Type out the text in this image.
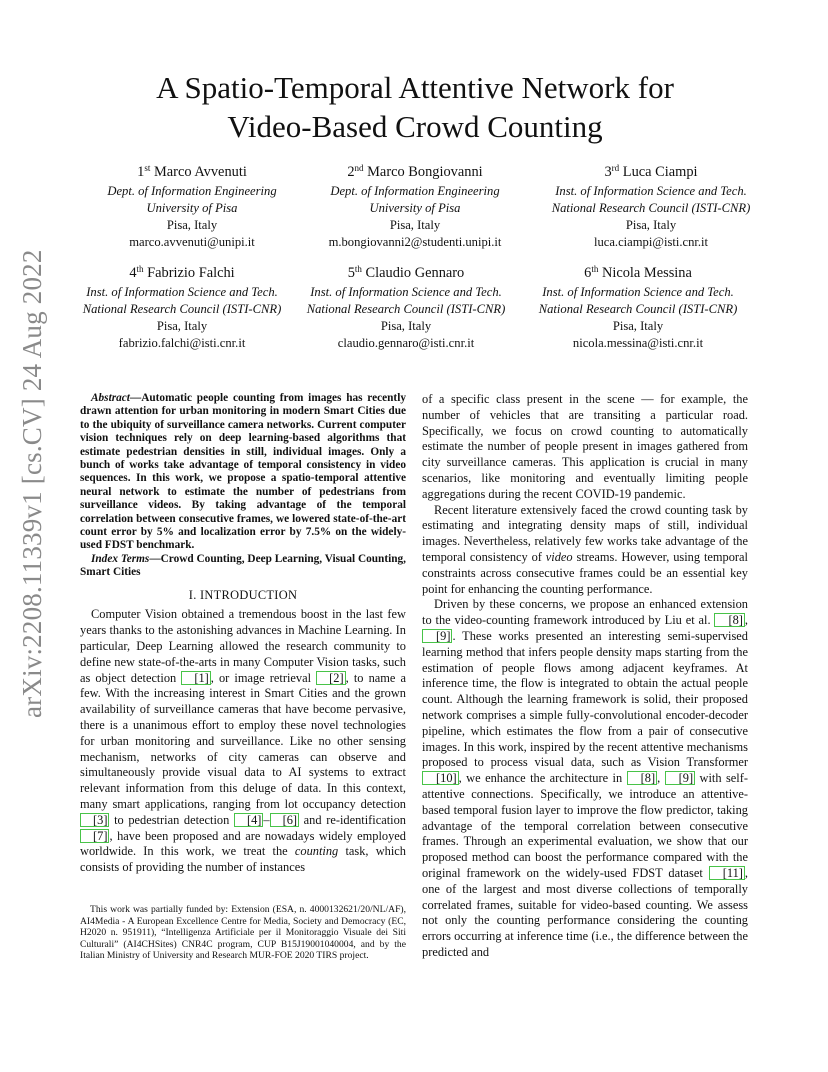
arXiv:2208.11339v1 [cs.CV] 24 Aug 2022
A Spatio-Temporal Attentive Network for
Video-Based Crowd Counting
1st Marco Avvenuti
Dept. of Information Engineering
University of Pisa
Pisa, Italy
marco.avvenuti@unipi.it
2nd Marco Bongiovanni
Dept. of Information Engineering
University of Pisa
Pisa, Italy
m.bongiovanni2@studenti.unipi.it
3rd Luca Ciampi
Inst. of Information Science and Tech.
National Research Council (ISTI-CNR)
Pisa, Italy
luca.ciampi@isti.cnr.it
4th Fabrizio Falchi
Inst. of Information Science and Tech.
National Research Council (ISTI-CNR)
Pisa, Italy
fabrizio.falchi@isti.cnr.it
5th Claudio Gennaro
Inst. of Information Science and Tech.
National Research Council (ISTI-CNR)
Pisa, Italy
claudio.gennaro@isti.cnr.it
6th Nicola Messina
Inst. of Information Science and Tech.
National Research Council (ISTI-CNR)
Pisa, Italy
nicola.messina@isti.cnr.it

Abstract—Automatic people counting from images has recently drawn attention for urban monitoring in modern Smart Cities due to the ubiquity of surveillance camera networks. Current computer vision techniques rely on deep learning-based algorithms that estimate pedestrian densities in still, individual images. Only a bunch of works take advantage of temporal consistency in video sequences. In this work, we propose a spatio-temporal attentive neural network to estimate the number of pedestrians from surveillance videos. By taking advantage of the temporal correlation between consecutive frames, we lowered state-of-the-art count error by 5% and localization error by 7.5% on the widely-used FDST benchmark.

Index Terms—Crowd Counting, Deep Learning, Visual Counting, Smart Cities

I. INTRODUCTION

Computer Vision obtained a tremendous boost in the last few years thanks to the astonishing advances in Machine Learning. In particular, Deep Learning allowed the research community to define new state-of-the-arts in many Computer Vision tasks, such as object detection [1] , or image retrieval [2] , to name a few. With the increasing interest in Smart Cities and the grown availability of surveillance cameras that have become pervasive, there is a unanimous effort to employ these novel technologies for urban monitoring and surveillance. Like no other sensing mechanism, networks of city cameras can observe and simultaneously provide visual data to AI systems to extract relevant information from this deluge of data. In this context, many smart applications, ranging from lot occupancy detection [3] to pedestrian detection [4] – [6] and re-identification [7] , have been proposed and are nowadays widely employed worldwide. In this work, we treat the counting task, which consists of providing the number of instances

This work was partially funded by: Extension (ESA, n. 4000132621/20/NL/AF), AI4Media - A European Excellence Centre for Media, Society and Democracy (EC, H2020 n. 951911), “Intelligenza Artificiale per il Monitoraggio Visuale dei Siti Culturali” (AI4CHSites) CNR4C program, CUP B15J19001040004, and by the Italian Ministry of University and Research MUR-FOE 2020 TIRS project.

of a specific class present in the scene — for example, the number of vehicles that are transiting a particular road. Specifically, we focus on crowd counting to automatically estimate the number of people present in images gathered from city surveillance cameras. This application is crucial in many scenarios, like monitoring and eventually limiting people aggregations during the recent COVID-19 pandemic.

Recent literature extensively faced the crowd counting task by estimating and integrating density maps of still, individual images. Nevertheless, relatively few works take advantage of the temporal consistency of video streams. However, using temporal constraints across consecutive frames could be an essential key point for enhancing the counting performance.

Driven by these concerns, we propose an enhanced extension to the video-counting framework introduced by Liu et al. [8] , [9] . These works presented an interesting semi-supervised learning method that infers people density maps starting from the estimation of people flows among adjacent keyframes. At inference time, the flow is integrated to obtain the actual people count. Although the learning framework is solid, their proposed network comprises a simple fully-convolutional encoder-decoder pipeline, which estimates the flow from a pair of consecutive images. In this work, inspired by the recent attentive mechanisms proposed to process visual data, such as Vision Transformer [10] , we enhance the architecture in [8] , [9] with self-attentive connections. Specifically, we introduce an attentive-based temporal fusion layer to improve the flow predictor, taking advantage of the temporal correlation between consecutive frames. Through an experimental evaluation, we show that our proposed method can boost the performance compared with the original framework on the widely-used FDST dataset [11] , one of the largest and most diverse collections of temporally correlated frames, suitable for video-based counting. We assess not only the counting performance considering the counting errors occurring at inference time (i.e., the difference between the predicted and
